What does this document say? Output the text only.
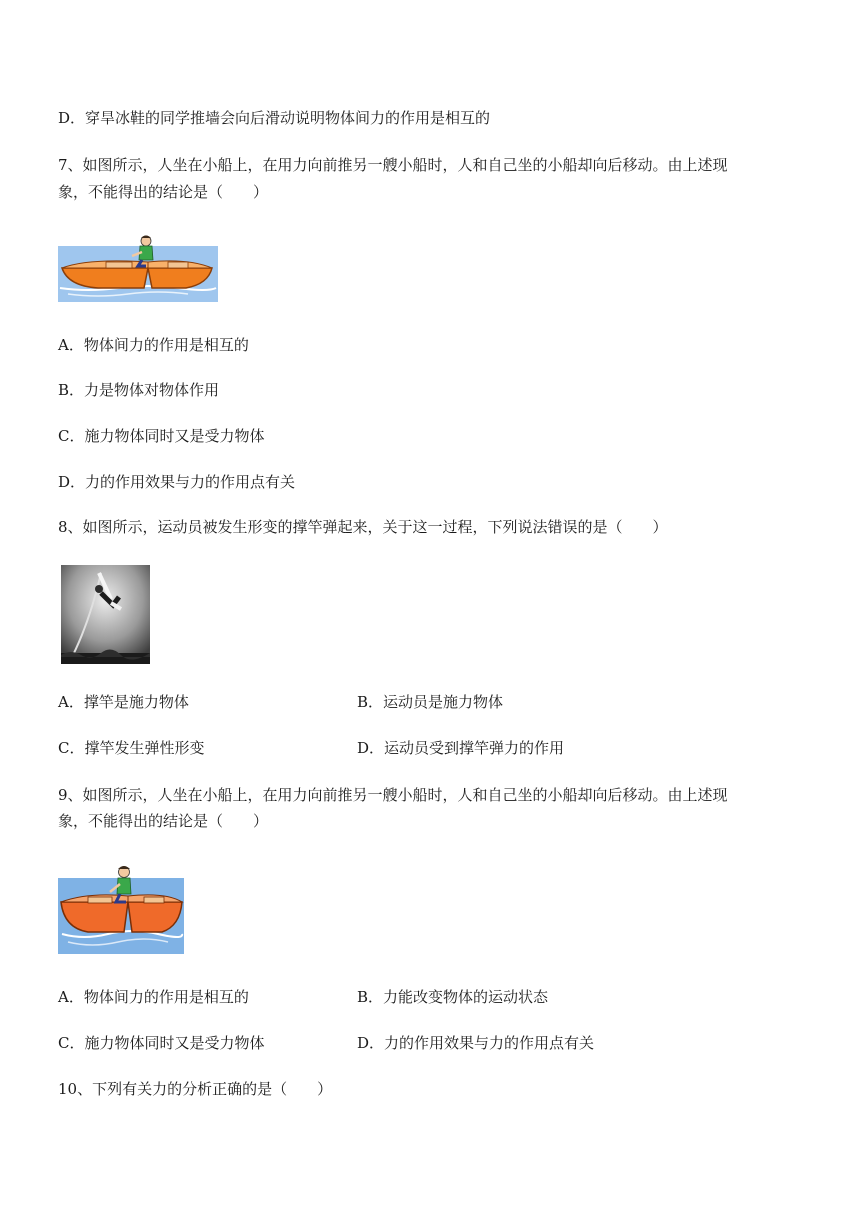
D．穿旱冰鞋的同学推墙会向后滑动说明物体间力的作用是相互的
7、如图所示，人坐在小船上，在用力向前推另一艘小船时，人和自己坐的小船却向后移动。由上述现
象，不能得出的结论是（　　）
A．物体间力的作用是相互的
B．力是物体对物体作用
C．施力物体同时又是受力物体
D．力的作用效果与力的作用点有关
8、如图所示，运动员被发生形变的撑竿弹起来，关于这一过程，下列说法错误的是（　　）
A．撑竿是施力物体	B．运动员是施力物体
C．撑竿发生弹性形变	D．运动员受到撑竿弹力的作用
9、如图所示，人坐在小船上，在用力向前推另一艘小船时，人和自己坐的小船却向后移动。由上述现
象，不能得出的结论是（　　）
A．物体间力的作用是相互的	B．力能改变物体的运动状态
C．施力物体同时又是受力物体	D．力的作用效果与力的作用点有关
10、下列有关力的分析正确的是（　　）
